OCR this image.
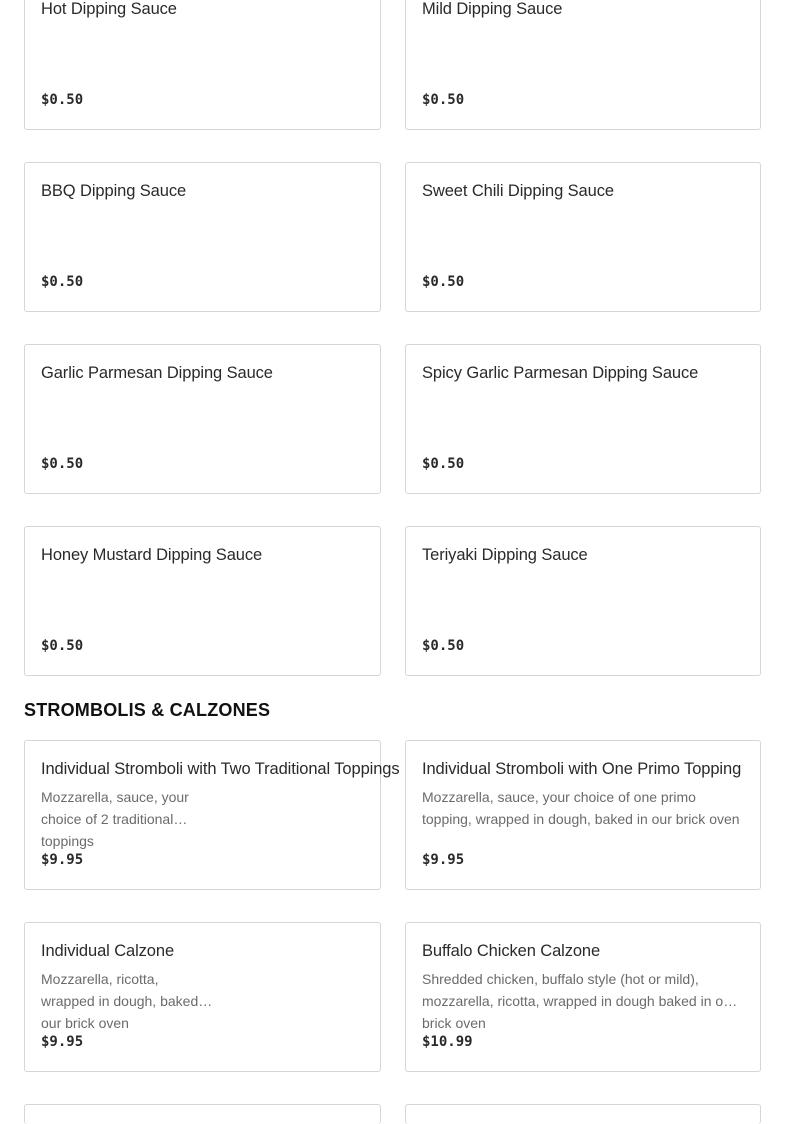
Hot Dipping Sauce
$0.50
Mild Dipping Sauce
$0.50
BBQ Dipping Sauce
$0.50
Sweet Chili Dipping Sauce
$0.50
Garlic Parmesan Dipping Sauce
$0.50
Spicy Garlic Parmesan Dipping Sauce
$0.50
Honey Mustard Dipping Sauce
$0.50
Teriyaki Dipping Sauce
$0.50
STROMBOLIS & CALZONES
Individual Stromboli with Two Traditional Toppings
Mozzarella, sauce, your choice of 2 traditional toppings
$9.95
Individual Stromboli with One Primo Topping
Mozzarella, sauce, your choice of one primo topping, wrapped in dough, baked in our brick oven
$9.95
Individual Calzone
Mozzarella, ricotta, wrapped in dough, baked in our brick oven
$9.95
Buffalo Chicken Calzone
Shredded chicken, buffalo style (hot or mild), mozzarella, ricotta, wrapped in dough baked in our brick oven
$10.99
